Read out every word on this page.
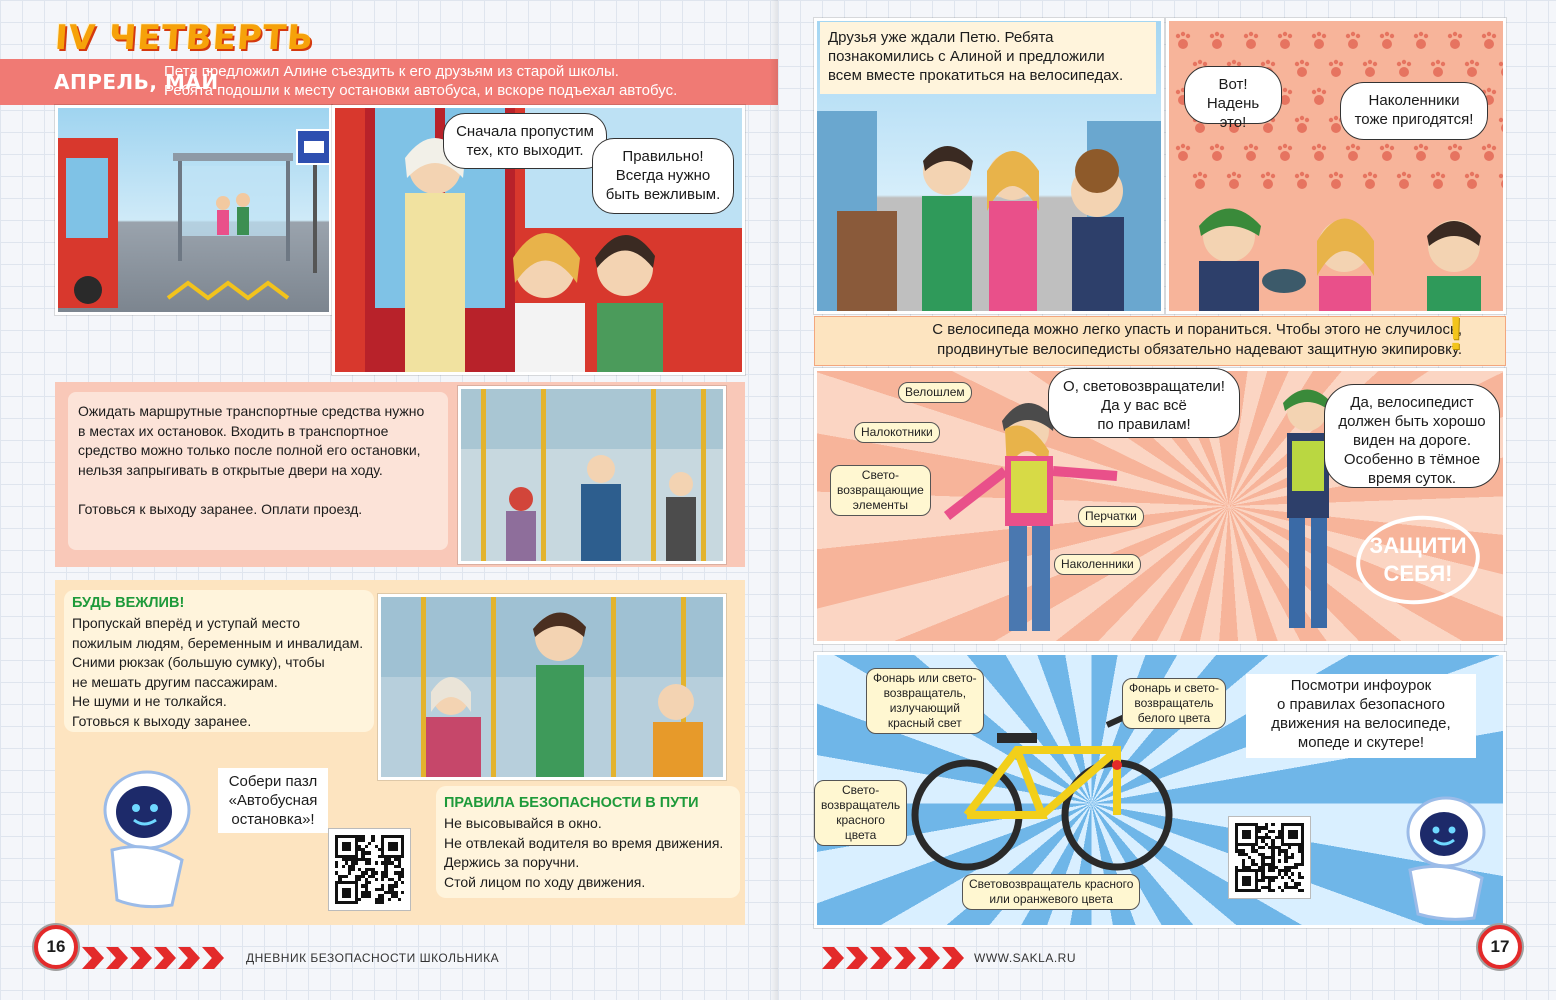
IV ЧЕТВЕРТЬ
АПРЕЛЬ, МАЙ
Петя предложил Алине съездить к его друзьям из старой школы.
Ребята подошли к месту остановки автобуса, и вскоре подъехал автобус.
Сначала пропустим
тех, кто выходит.	Правильно!
Всегда нужно
быть вежливым.
Ожидать маршрутные транспортные средства нужно
в местах их остановок. Входить в транспортное
средство можно только после полной его остановки,
нельзя запрыгивать в открытые двери на ходу.

Готовься к выходу заранее. Оплати проезд.
БУДЬ ВЕЖЛИВ!
Пропускай вперёд и уступай место
пожилым людям, беременным и инвалидам.
Сними рюкзак (большую сумку), чтобы
не мешать другим пассажирам.
Не шуми и не толкайся.
Готовься к выходу заранее.
Собери пазл
«Автобусная
остановка»!
ПРАВИЛА БЕЗОПАСНОСТИ В ПУТИ
Не высовывайся в окно.
Не отвлекай водителя во время движения.
Держись за поручни.
Стой лицом по ходу движения.
16
ДНЕВНИК БЕЗОПАСНОСТИ ШКОЛЬНИКА
Друзья уже ждали Петю. Ребята
познакомились с Алиной и предложили
всем вместе прокатиться на велосипедах.
Вот!
Надень это!
Наколенники
тоже пригодятся!
С велосипеда можно легко упасть и пораниться. Чтобы этого не случилось,
продвинутые велосипедисты обязательно надевают защитную экипировку.
!
Велошлем
Налокотники
Свето-
возвращающие
элементы
Перчатки
Наколенники
О, световозвращатели!
Да у вас всё
по правилам!
Да, велосипедист
должен быть хорошо
виден на дороге.
Особенно в тёмное
время суток.
ЗАЩИТИ
СЕБЯ!
Фонарь или свето-
возвращатель,
излучающий
красный свет
Фонарь и свето-
возвращатель
белого цвета
Свето-
возвращатель
красного
цвета
Световозвращатель красного
или оранжевого цвета
Посмотри инфоурок
о правилах безопасного
движения на велосипеде,
мопеде и скутере!
WWW.SAKLA.RU
17
